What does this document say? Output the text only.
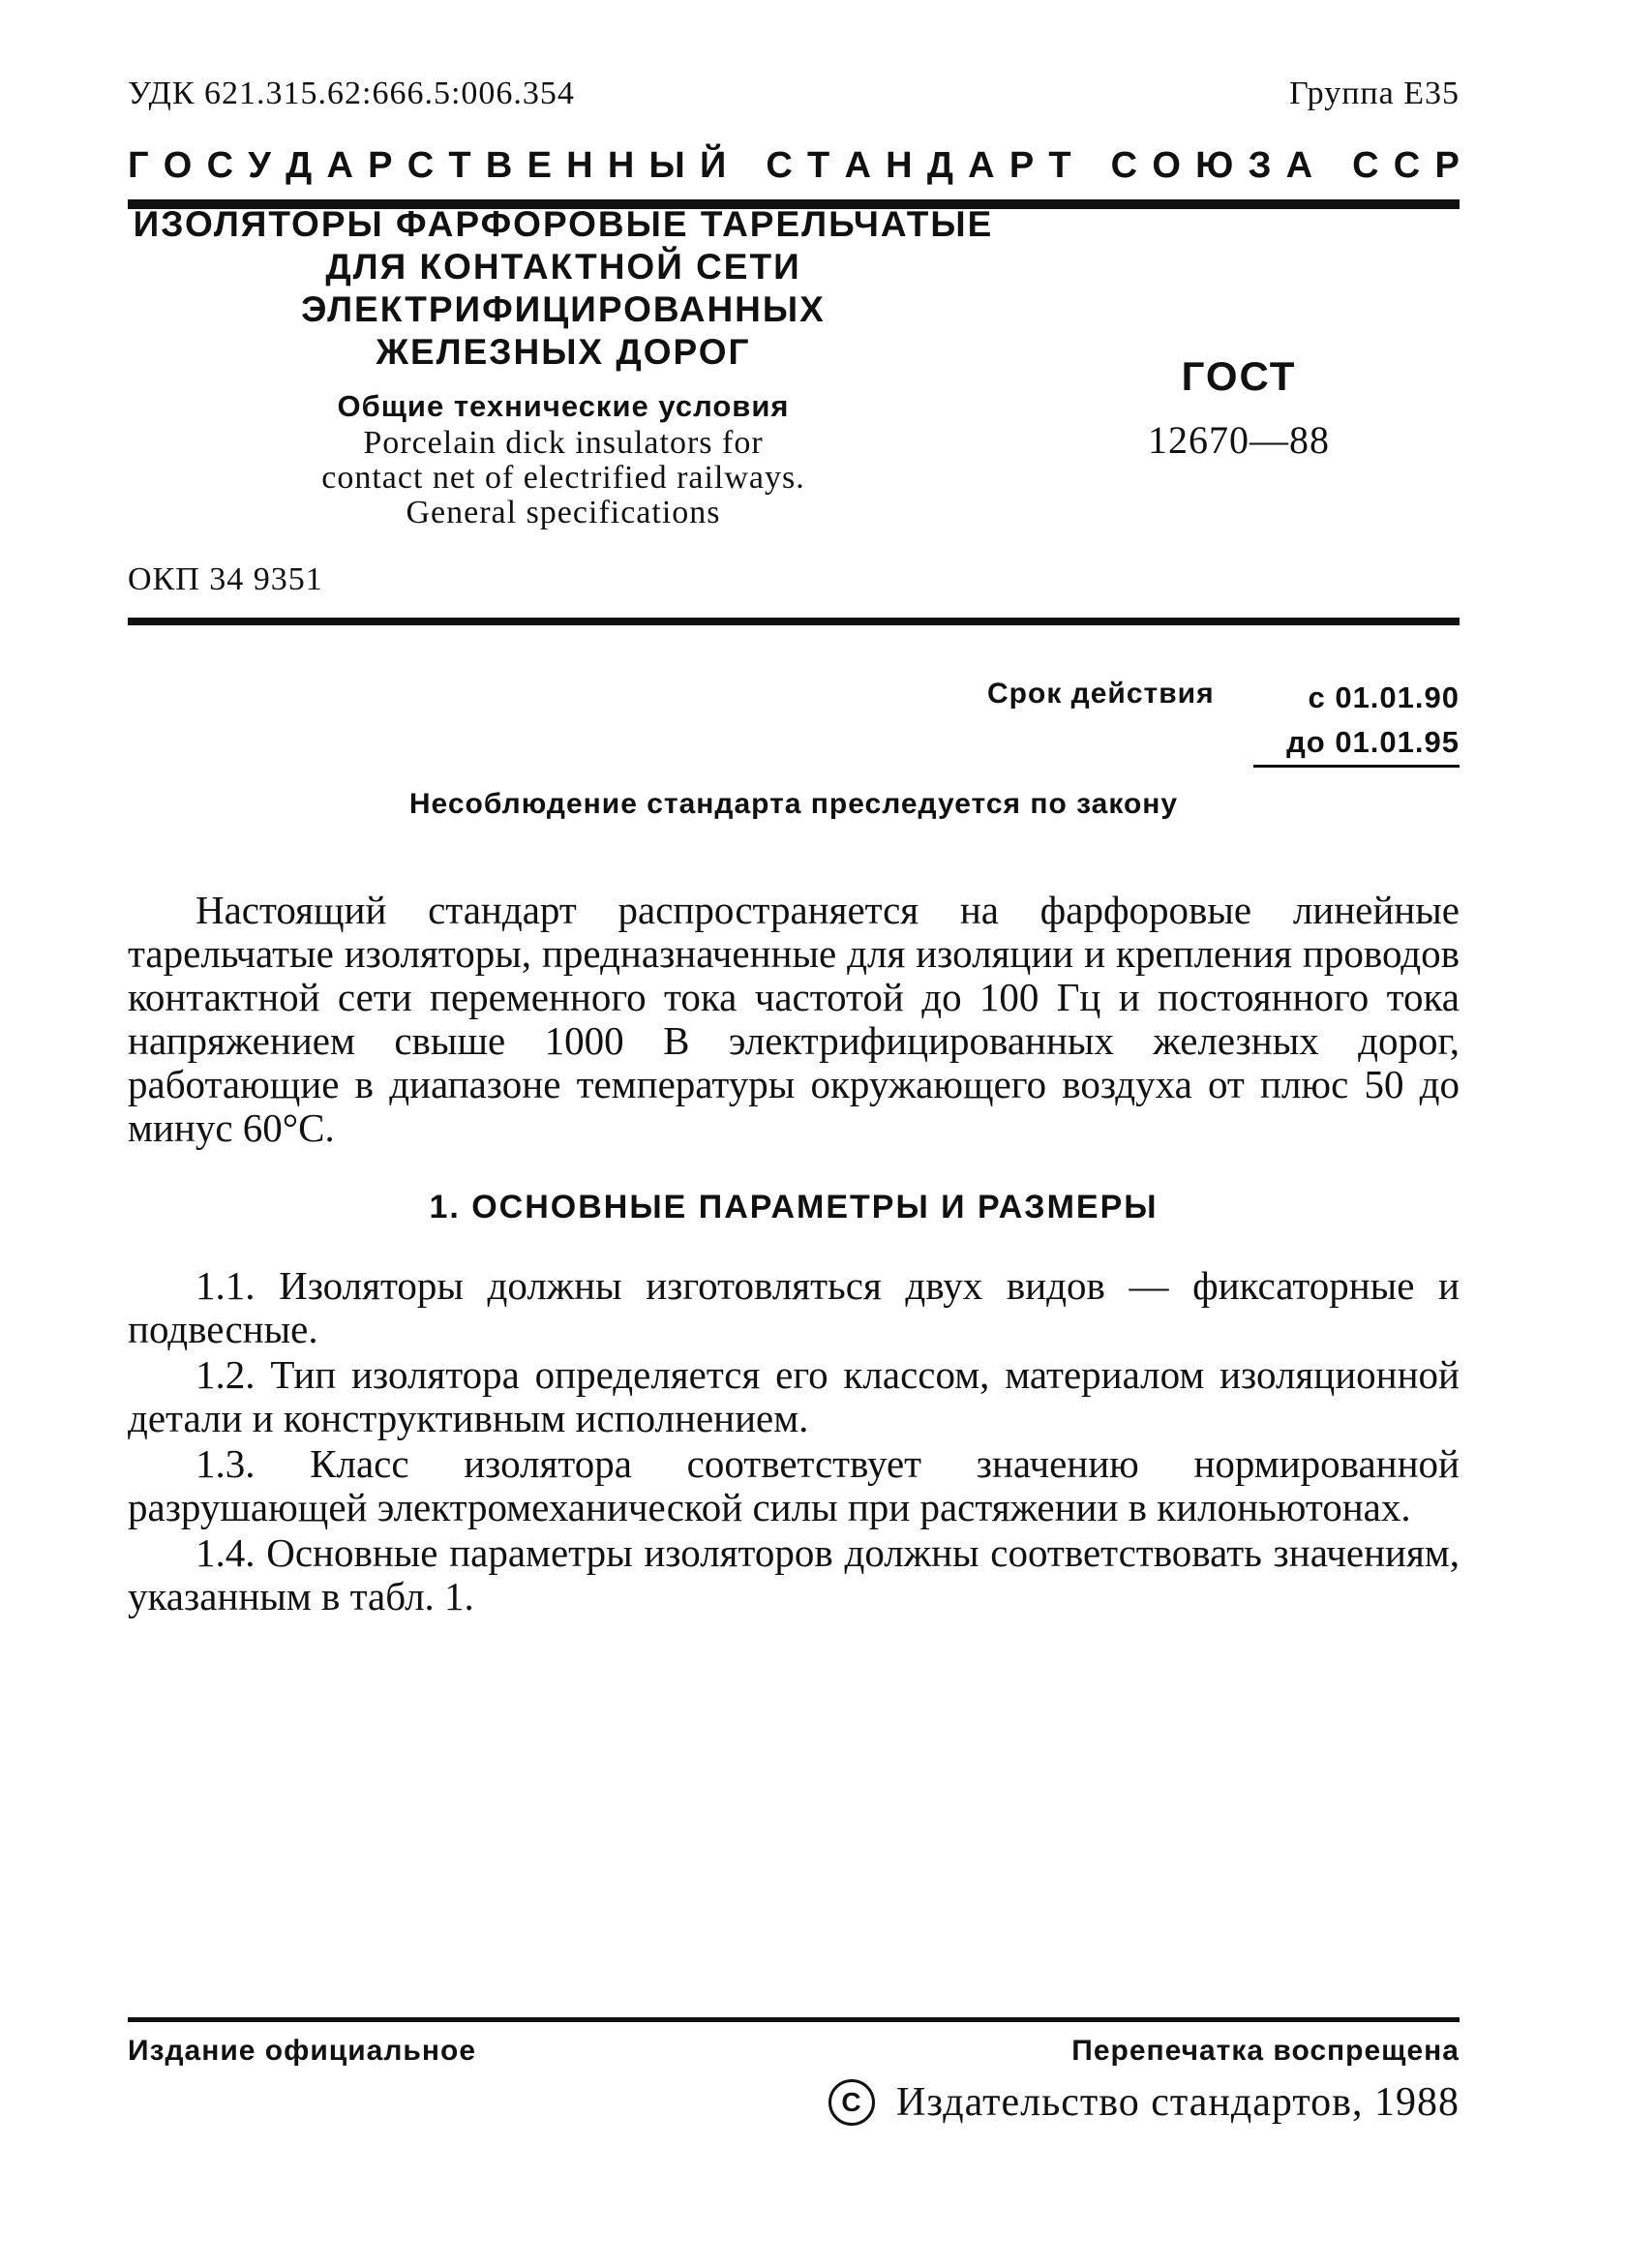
УДК 621.315.62:666.5:006.354	Группа Е35
Г О С У Д А Р С Т В Е Н Н Ы Й
С Т А Н Д А Р Т
С О Ю З А
С С Р
ИЗОЛЯТОРЫ ФАРФОРОВЫЕ ТАРЕЛЬЧАТЫЕ
ДЛЯ КОНТАКТНОЙ СЕТИ
ЭЛЕКТРИФИЦИРОВАННЫХ
ЖЕЛЕЗНЫХ ДОРОГ
Общие технические условия
Porcelain dick insulators for
contact net of electrified railways.
General specifications
ГОСТ
12670—88
ОКП 34 9351
Срок действия	с 01.01.90
до 01.01.95
Несоблюдение стандарта преследуется по закону
Настоящий стандарт распространяется на фарфоровые линейные тарельчатые изоляторы, предназначенные для изоляции и крепления проводов контактной сети переменного тока частотой до 100 Гц и постоянного тока напряжением свыше 1000 В электрифицированных железных дорог, работающие в диапазоне температуры окружающего воздуха от плюс 50 до минус 60°С.
1. ОСНОВНЫЕ ПАРАМЕТРЫ И РАЗМЕРЫ

1.1. Изоляторы должны изготовляться двух видов — фиксаторные и подвесные.

1.2. Тип изолятора определяется его классом, материалом изоляционной детали и конструктивным исполнением.

1.3. Класс изолятора соответствует значению нормированной разрушающей электромеханической силы при растяжении в килоньютонах.

1.4. Основные параметры изоляторов должны соответствовать значениям, указанным в табл. 1.

Издание официальное	Перепечатка воспрещена
C Издательство стандартов, 1988
